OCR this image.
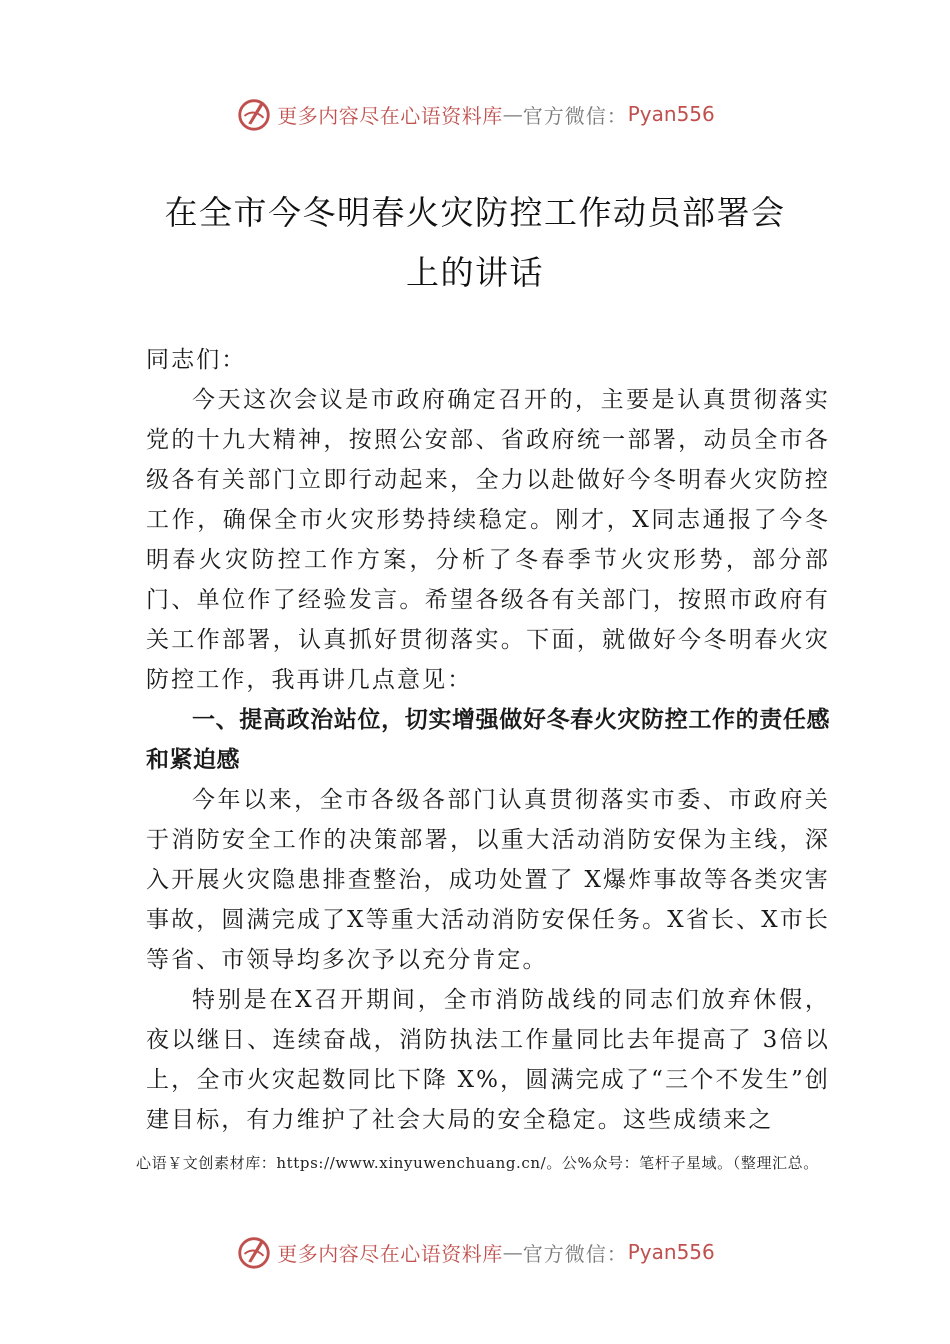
更多内容尽在心语资料库 — 官方微信： Pyan556
在全市今冬明春火灾防控工作动员部署会
上的讲话

同志们：

今天这次会议是市政府确定召开的，主要是认真贯彻落实党的十九大精神，按照公安部、省政府统一部署，动员全市各级各有关部门立即行动起来，全力以赴做好今冬明春火灾防控工作，确保全市火灾形势持续稳定。刚才，X同志通报了今冬明春火灾防控工作方案，分析了冬春季节火灾形势，部分部门、单位作了经验发言。希望各级各有关部门，按照市政府有关工作部署，认真抓好贯彻落实。下面，就做好今冬明春火灾防控工作，我再讲几点意见：

一、提高政治站位，切实增强做好冬春火灾防控工作的责任感和紧迫感

今年以来，全市各级各部门认真贯彻落实市委、市政府关于消防安全工作的决策部署，以重大活动消防安保为主线，深入开展火灾隐患排查整治，成功处置了 X爆炸事故等各类灾害事故，圆满完成了X等重大活动消防安保任务。X省长、X市长等省、市领导均多次予以充分肯定。

特别是在X召开期间，全市消防战线的同志们放弃休假，夜以继日、连续奋战，消防执法工作量同比去年提高了 3倍以上，全市火灾起数同比下降 X%，圆满完成了“三个不发生”创建目标，有力维护了社会大局的安全稳定。这些成绩来之

心语￥文创素材库：https://www.xinyuwenchuang.cn/。公%众号：笔杆子星域。（整理汇总。
更多内容尽在心语资料库 — 官方微信： Pyan556
